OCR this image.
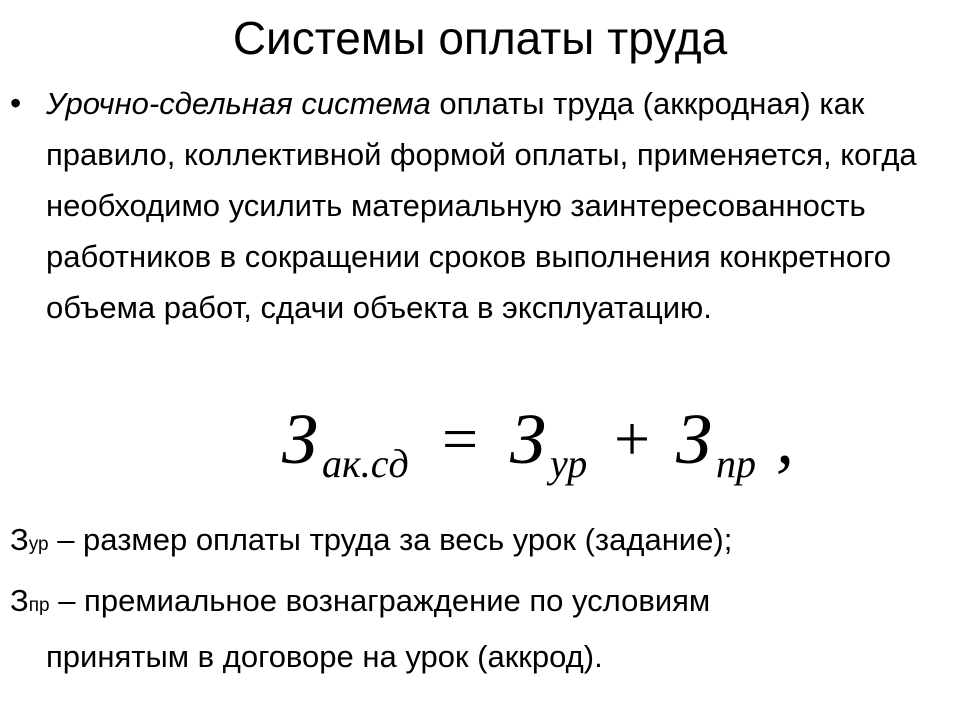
Системы оплаты труда
• Урочно-сдельная система оплаты труда (аккродная) как правило, коллективной формой оплаты, применяется, когда необходимо усилить материальную заинтересованность работников в сокращении сроков выполнения конкретного объема работ, сдачи объекта в эксплуатацию.
З ак.сд = З ур + З пр ,
Зур – размер оплаты труда за весь урок (задание);
Зпр – премиальное вознаграждение по условиям
принятым в договоре на урок (аккрод).
